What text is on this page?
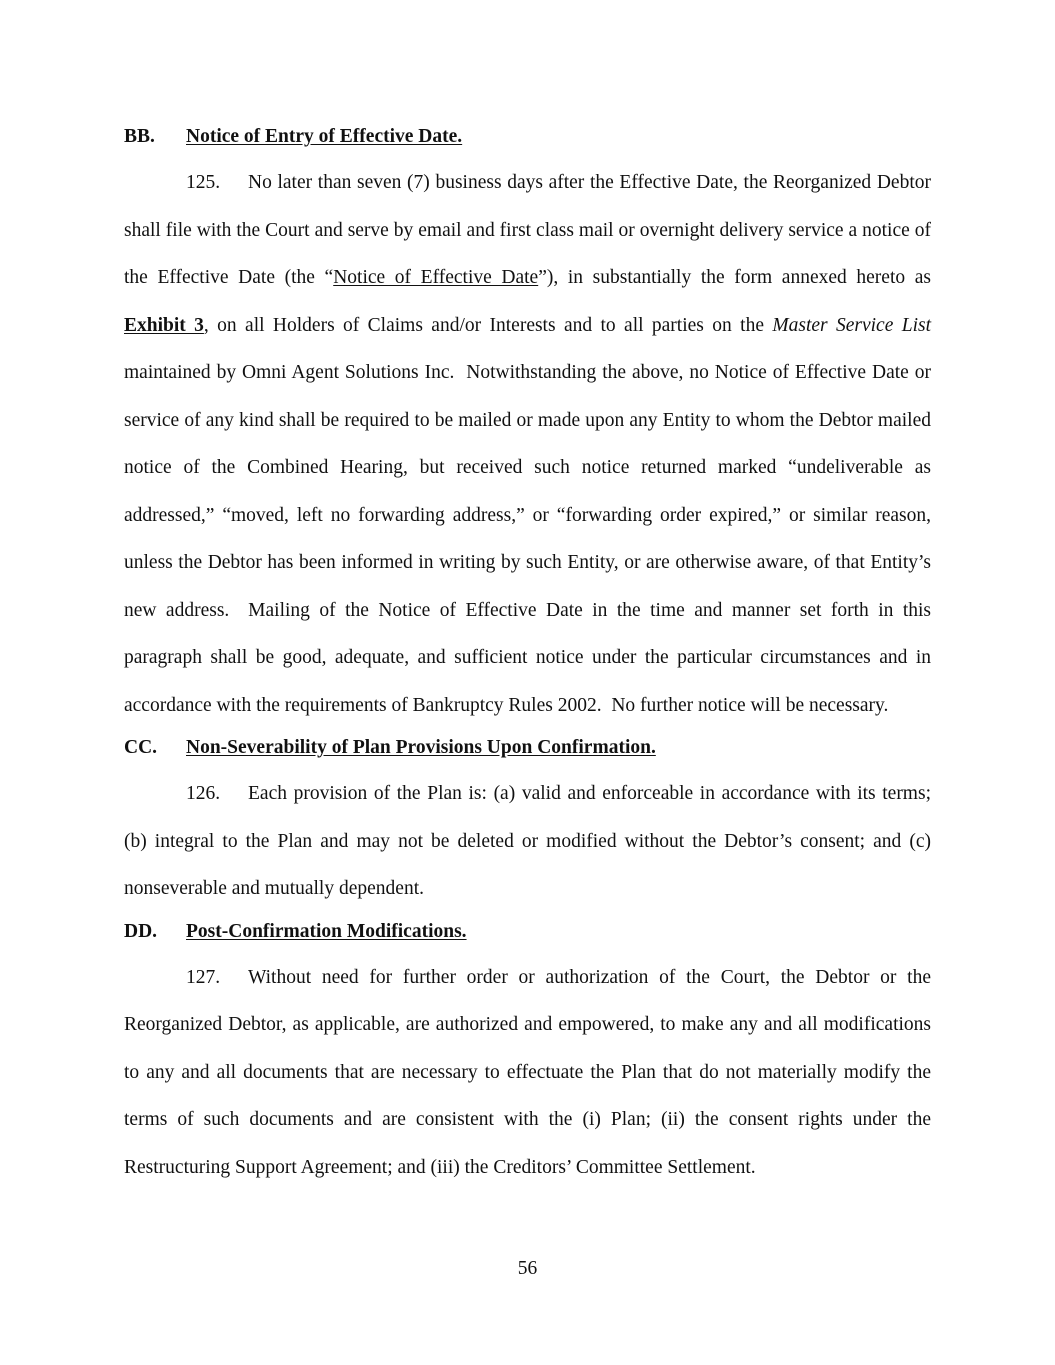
BB.	Notice of Entry of Effective Date.

125. No later than seven (7) business days after the Effective Date, the Reorganized Debtor shall file with the Court and serve by email and first class mail or overnight delivery service a notice of the Effective Date (the “Notice of Effective Date”), in substantially the form annexed hereto as Exhibit 3, on all Holders of Claims and/or Interests and to all parties on the Master Service List maintained by Omni Agent Solutions Inc.  Notwithstanding the above, no Notice of Effective Date or service of any kind shall be required to be mailed or made upon any Entity to whom the Debtor mailed notice of the Combined Hearing, but received such notice returned marked “undeliverable as addressed,” “moved, left no forwarding address,” or “forwarding order expired,” or similar reason, unless the Debtor has been informed in writing by such Entity, or are otherwise aware, of that Entity’s new address.  Mailing of the Notice of Effective Date in the time and manner set forth in this paragraph shall be good, adequate, and sufficient notice under the particular circumstances and in accordance with the requirements of Bankruptcy Rules 2002.  No further notice will be necessary.

CC.	Non-Severability of Plan Provisions Upon Confirmation.

126. Each provision of the Plan is: (a) valid and enforceable in accordance with its terms; (b) integral to the Plan and may not be deleted or modified without the Debtor’s consent; and (c) nonseverable and mutually dependent.

DD.	Post-Confirmation Modifications.

127. Without need for further order or authorization of the Court, the Debtor or the Reorganized Debtor, as applicable, are authorized and empowered, to make any and all modifications to any and all documents that are necessary to effectuate the Plan that do not materially modify the terms of such documents and are consistent with the (i) Plan; (ii) the consent rights under the Restructuring Support Agreement; and (iii) the Creditors’ Committee Settlement.

56
